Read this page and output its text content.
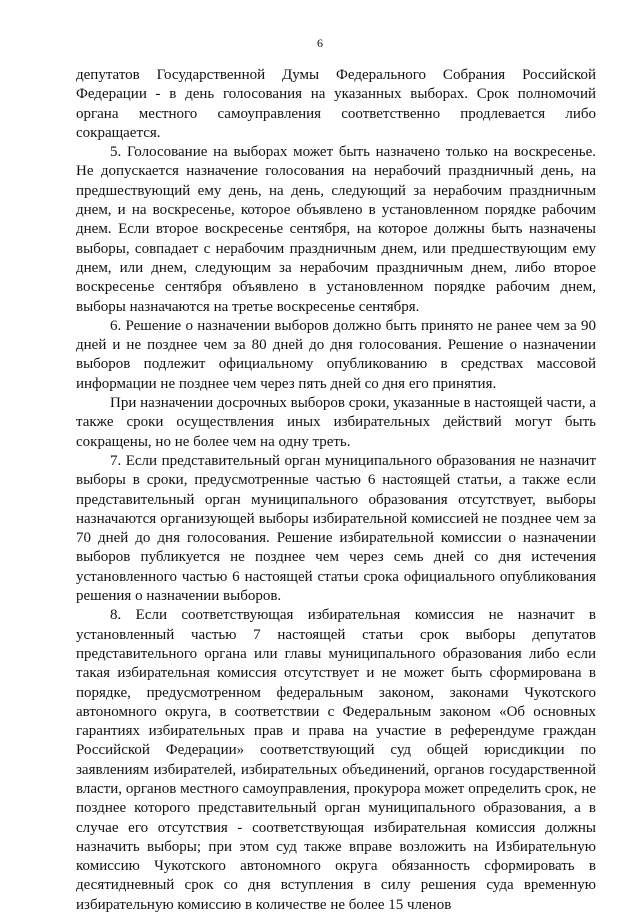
6

депутатов Государственной Думы Федерального Собрания Российской Федерации - в день голосования на указанных выборах. Срок полномочий органа местного самоуправления соответственно продлевается либо сокращается.

5. Голосование на выборах может быть назначено только на воскресенье. Не допускается назначение голосования на нерабочий праздничный день, на предшествующий ему день, на день, следующий за нерабочим праздничным днем, и на воскресенье, которое объявлено в установленном порядке рабочим днем. Если второе воскресенье сентября, на которое должны быть назначены выборы, совпадает с нерабочим праздничным днем, или предшествующим ему днем, или днем, следующим за нерабочим праздничным днем, либо второе воскресенье сентября объявлено в установленном порядке рабочим днем, выборы назначаются на третье воскресенье сентября.

6. Решение о назначении выборов должно быть принято не ранее чем за 90 дней и не позднее чем за 80 дней до дня голосования. Решение о назначении выборов подлежит официальному опубликованию в средствах массовой информации не позднее чем через пять дней со дня его принятия.

При назначении досрочных выборов сроки, указанные в настоящей части, а также сроки осуществления иных избирательных действий могут быть сокращены, но не более чем на одну треть.

7. Если представительный орган муниципального образования не назначит выборы в сроки, предусмотренные частью 6 настоящей статьи, а также если представительный орган муниципального образования отсутствует, выборы назначаются организующей выборы избирательной комиссией не позднее чем за 70 дней до дня голосования. Решение избирательной комиссии о назначении выборов публикуется не позднее чем через семь дней со дня истечения установленного частью 6 настоящей статьи срока официального опубликования решения о назначении выборов.

8. Если соответствующая избирательная комиссия не назначит в установленный частью 7 настоящей статьи срок выборы депутатов представительного органа или главы муниципального образования либо если такая избирательная комиссия отсутствует и не может быть сформирована в порядке, предусмотренном федеральным законом, законами Чукотского автономного округа, в соответствии с Федеральным законом «Об основных гарантиях избирательных прав и права на участие в референдуме граждан Российской Федерации» соответствующий суд общей юрисдикции по заявлениям избирателей, избирательных объединений, органов государственной власти, органов местного самоуправления, прокурора может определить срок, не позднее которого представительный орган муниципального образования, а в случае его отсутствия - соответствующая избирательная комиссия должны назначить выборы; при этом суд также вправе возложить на Избирательную комиссию Чукотского автономного округа обязанность сформировать в десятидневный срок со дня вступления в силу решения суда временную избирательную комиссию в количестве не более 15 членов
